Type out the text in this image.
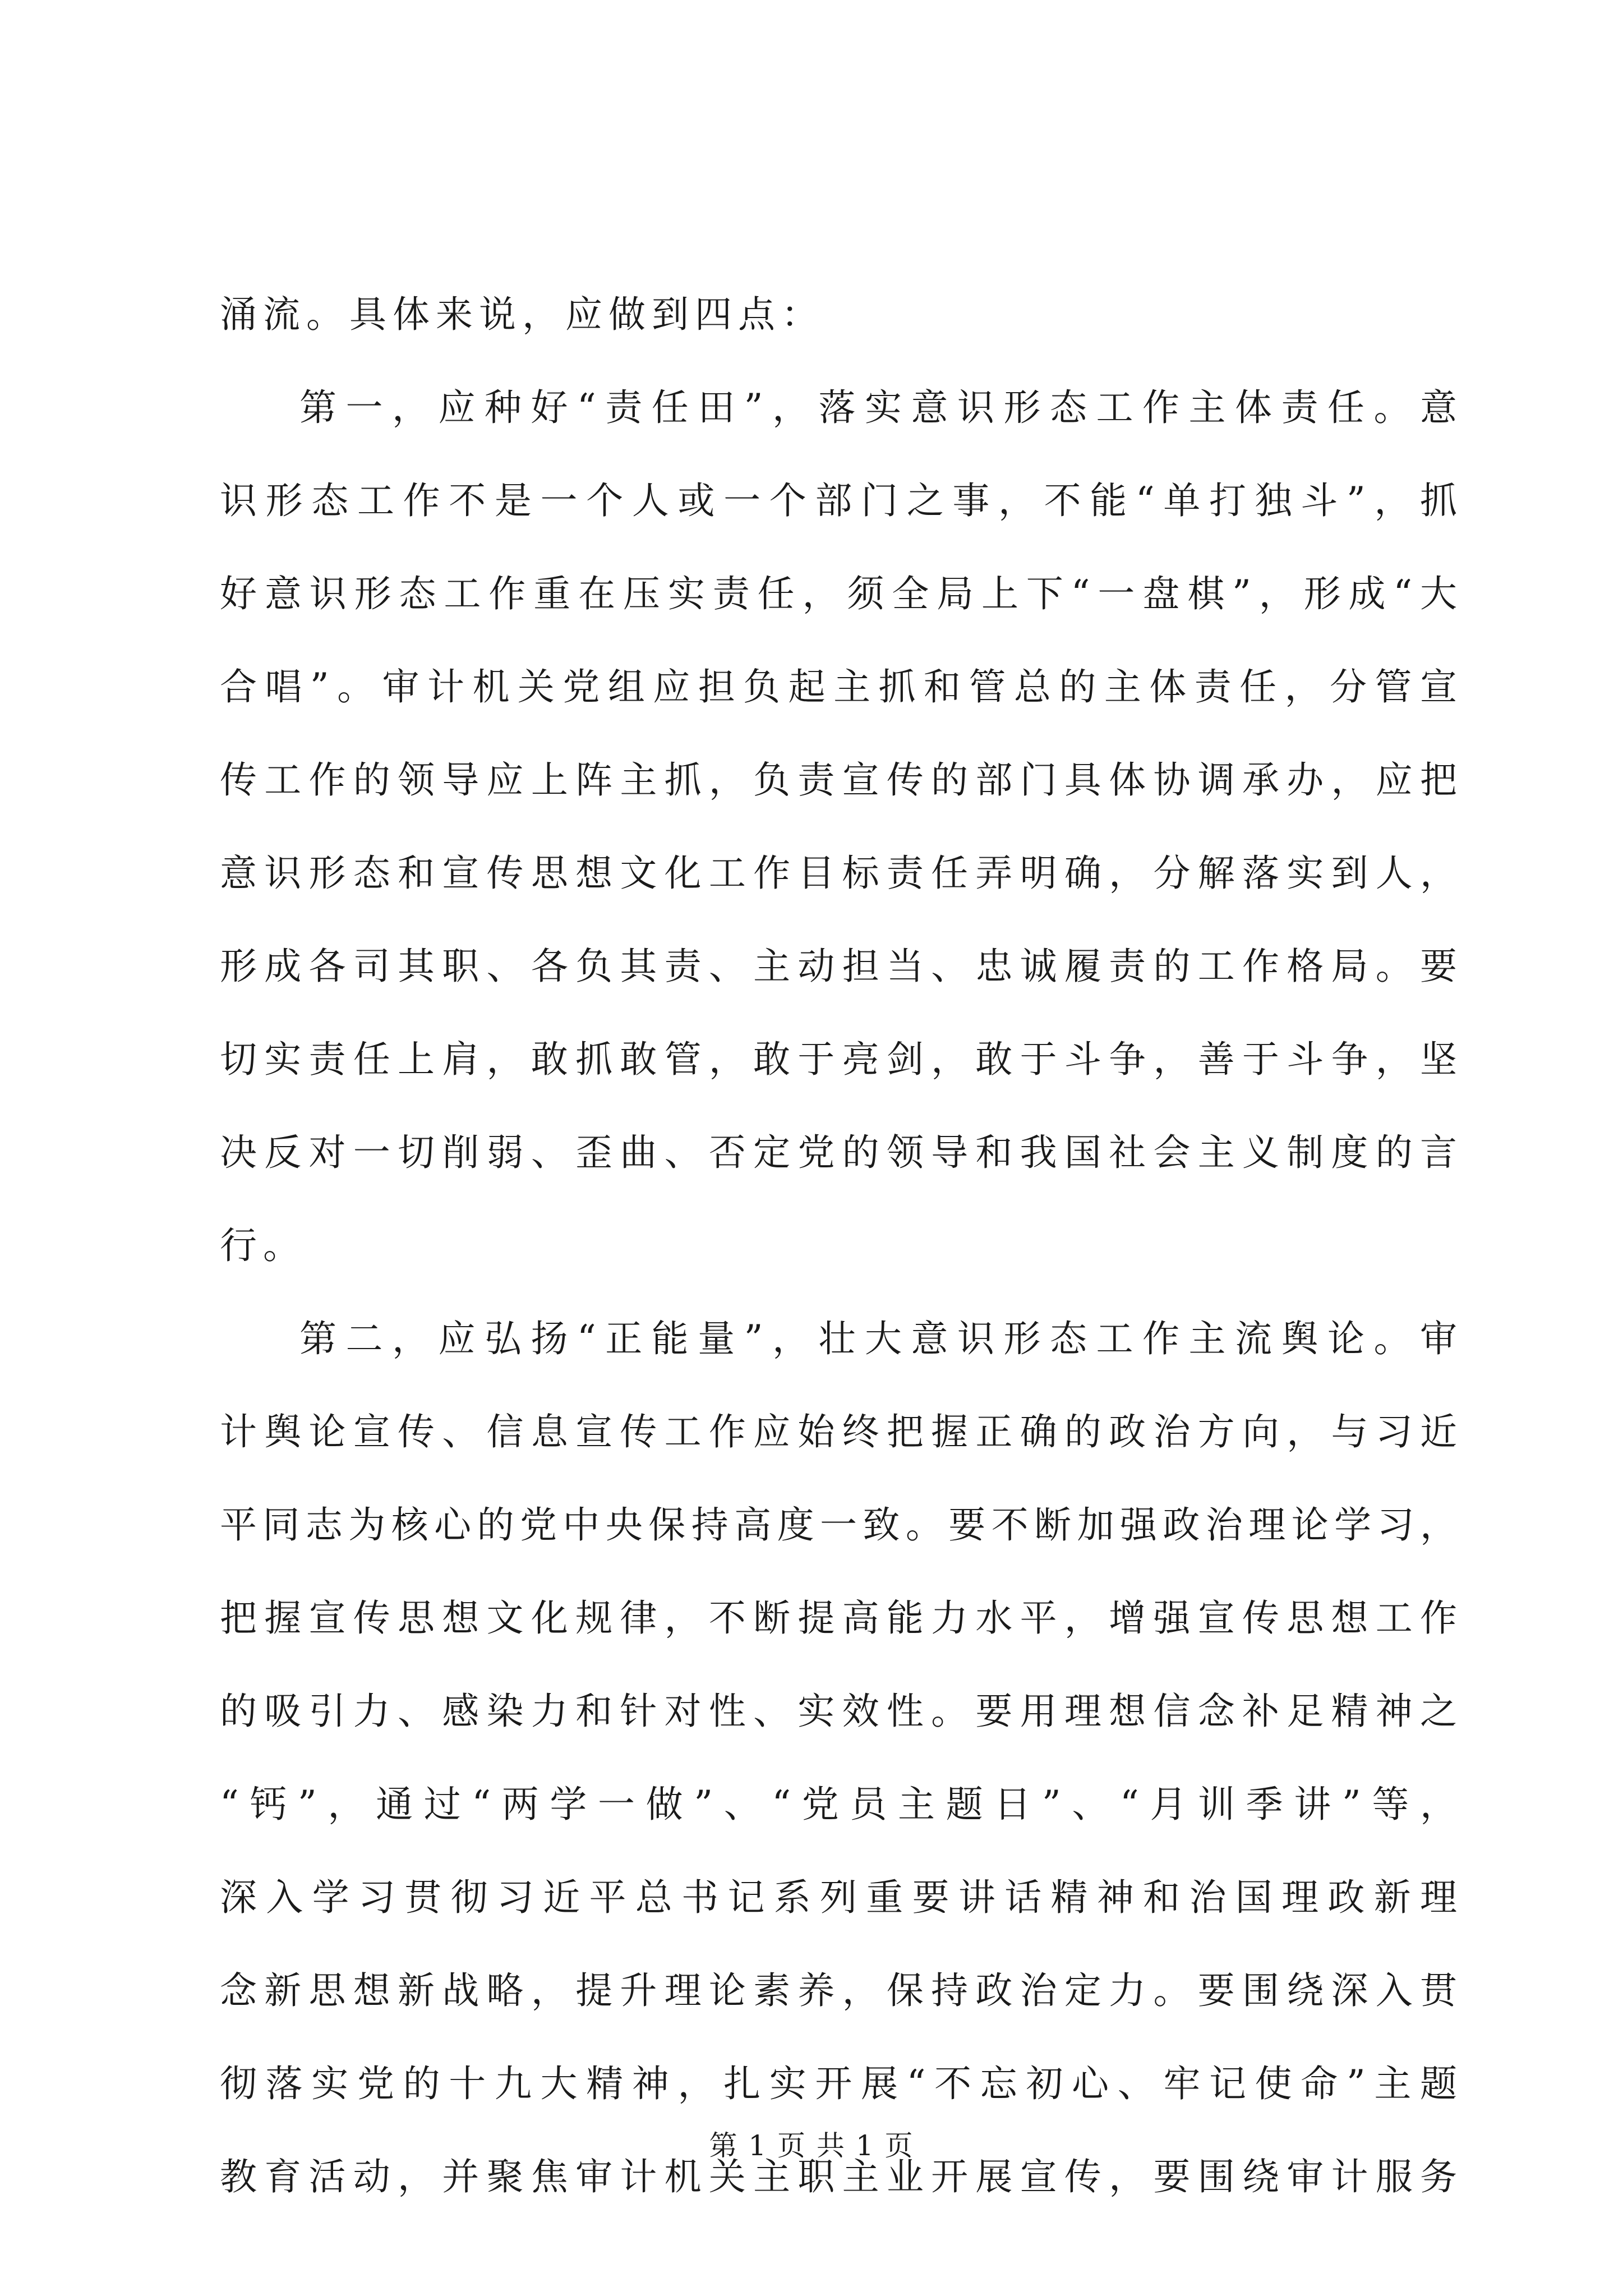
涌流。具体来说，应做到四点：
第一，应种好“责任田”，落实意识形态工作主体责任。意
识形态工作不是一个人或一个部门之事，不能“单打独斗”，抓
好意识形态工作重在压实责任，须全局上下“一盘棋”，形成“大
合唱”。审计机关党组应担负起主抓和管总的主体责任，分管宣
传工作的领导应上阵主抓，负责宣传的部门具体协调承办，应把
意识形态和宣传思想文化工作目标责任弄明确，分解落实到人，
形成各司其职、各负其责、主动担当、忠诚履责的工作格局。要
切实责任上肩，敢抓敢管，敢于亮剑，敢于斗争，善于斗争，坚
决反对一切削弱、歪曲、否定党的领导和我国社会主义制度的言
行。
第二，应弘扬“正能量”，壮大意识形态工作主流舆论。审
计舆论宣传、信息宣传工作应始终把握正确的政治方向，与习近
平同志为核心的党中央保持高度一致。要不断加强政治理论学习，
把握宣传思想文化规律，不断提高能力水平，增强宣传思想工作
的吸引力、感染力和针对性、实效性。要用理想信念补足精神之
“钙”，通过“两学一做”、“党员主题日”、“月训季讲”等，
深入学习贯彻习近平总书记系列重要讲话精神和治国理政新理
念新思想新战略，提升理论素养，保持政治定力。要围绕深入贯
彻落实党的十九大精神，扎实开展“不忘初心、牢记使命”主题
教育活动，并聚焦审计机关主职主业开展宣传，要围绕审计服务
第 1 页 共 1 页
